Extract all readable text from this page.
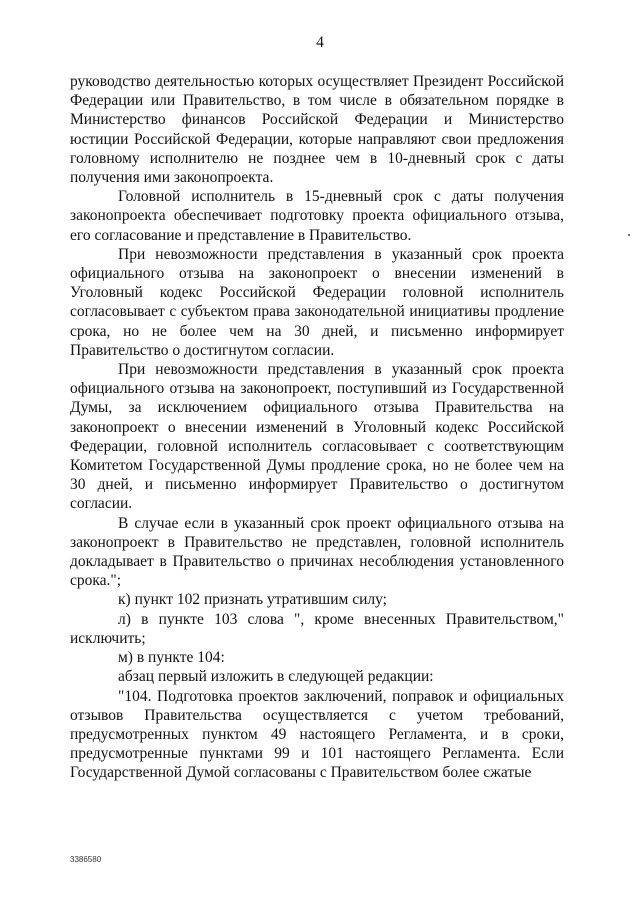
4

руководство деятельностью которых осуществляет Президент Российской Федерации или Правительство, в том числе в обязательном порядке в Министерство финансов Российской Федерации и Министерство юстиции Российской Федерации, которые направляют свои предложения головному исполнителю не позднее чем в 10-дневный срок с даты получения ими законопроекта.

Головной исполнитель в 15-дневный срок с даты получения законопроекта обеспечивает подготовку проекта официального отзыва, его согласование и представление в Правительство.

При невозможности представления в указанный срок проекта официального отзыва на законопроект о внесении изменений в Уголовный кодекс Российской Федерации головной исполнитель согласовывает с субъектом права законодательной инициативы продление срока, но не более чем на 30 дней, и письменно информирует Правительство о достигнутом согласии.

При невозможности представления в указанный срок проекта официального отзыва на законопроект, поступивший из Государственной Думы, за исключением официального отзыва Правительства на законопроект о внесении изменений в Уголовный кодекс Российской Федерации, головной исполнитель согласовывает с соответствующим Комитетом Государственной Думы продление срока, но не более чем на 30 дней, и письменно информирует Правительство о достигнутом согласии.

В случае если в указанный срок проект официального отзыва на законопроект в Правительство не представлен, головной исполнитель докладывает в Правительство о причинах несоблюдения установленного срока.";

к) пункт 102 признать утратившим силу;

л) в пункте 103 слова ", кроме внесенных Правительством," исключить;

м) в пункте 104:

абзац первый изложить в следующей редакции:

"104. Подготовка проектов заключений, поправок и официальных отзывов Правительства осуществляется с учетом требований, предусмотренных пунктом 49 настоящего Регламента, и в сроки, предусмотренные пунктами 99 и 101 настоящего Регламента. Если Государственной Думой согласованы с Правительством более сжатые

3386580
